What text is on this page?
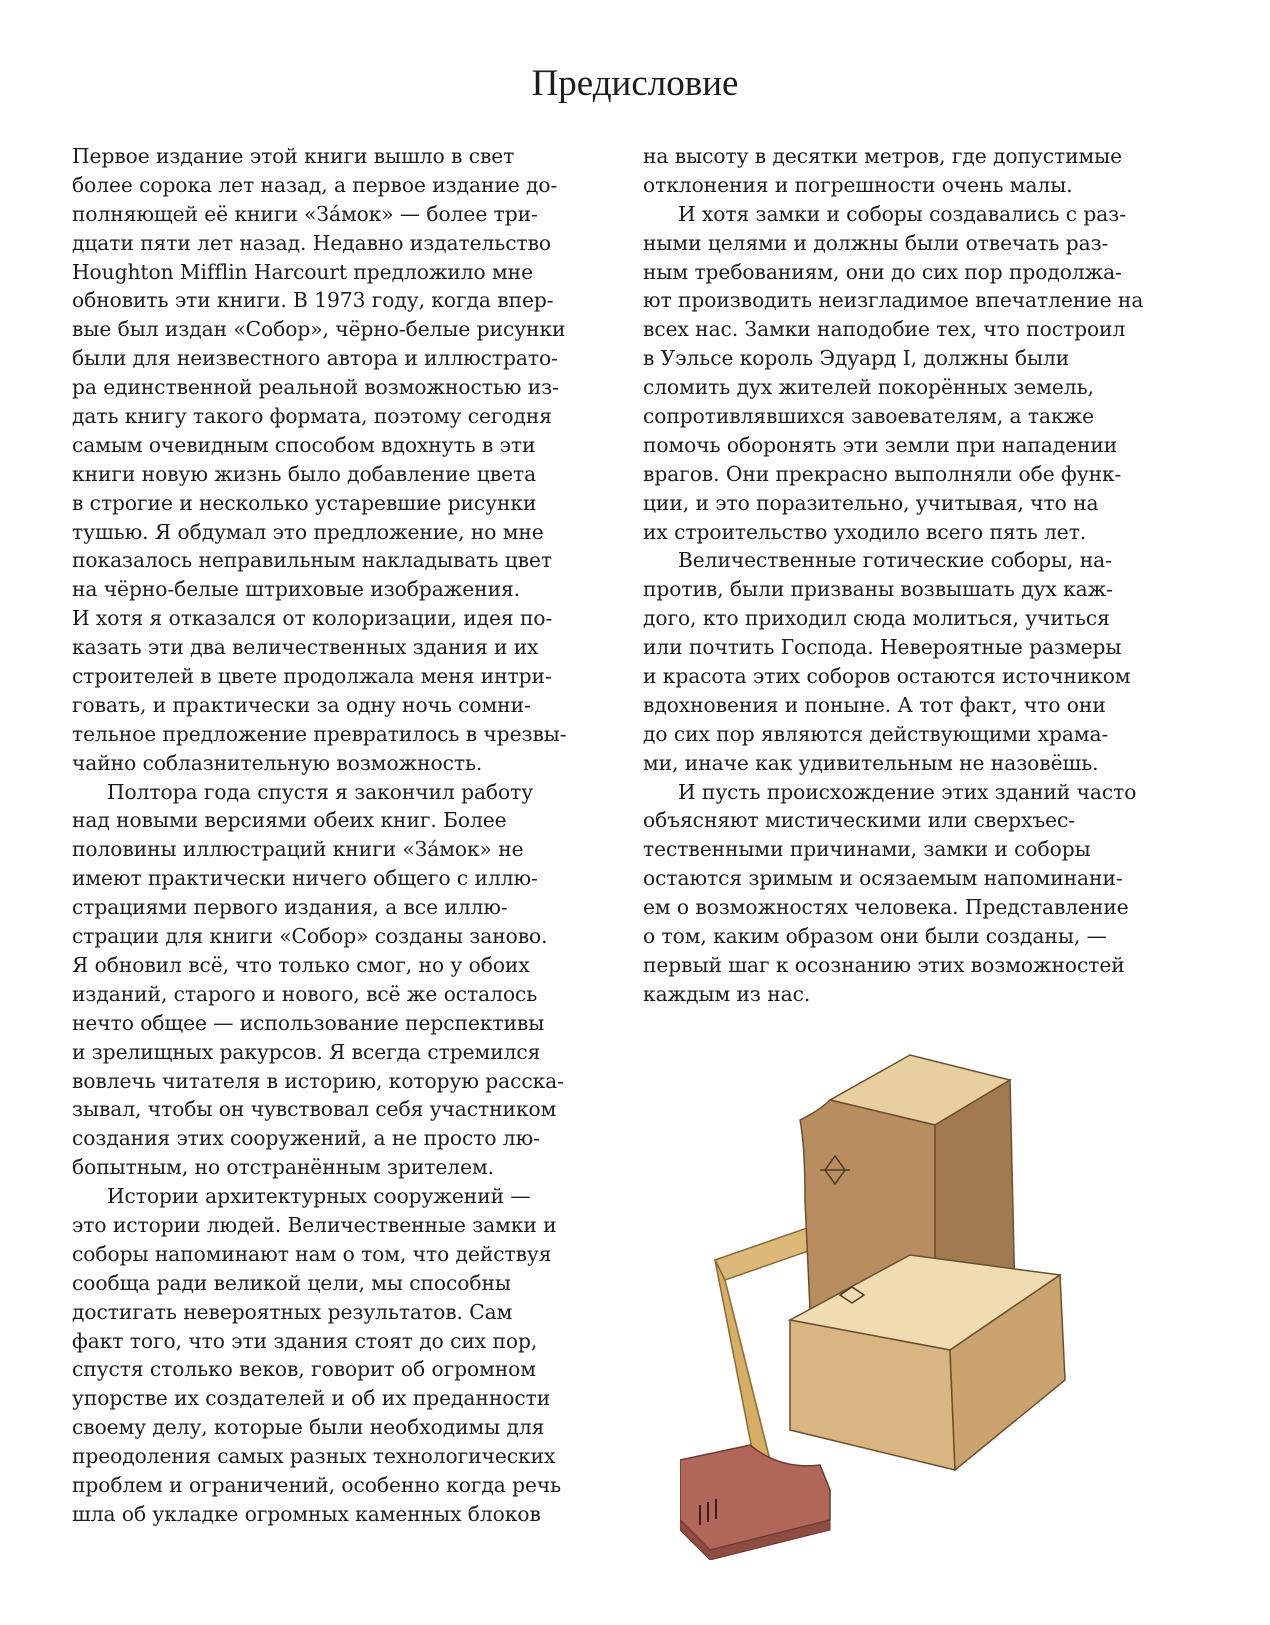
Предисловие
Первое издание этой книги вышло в свет
более сорока лет назад, а первое издание до-
полняющей её книги «За́мок» — более три-
дцати пяти лет назад. Недавно издательство
Houghton Mifflin Harcourt предложило мне
обновить эти книги. В 1973 году, когда впер-
вые был издан «Собор», чёрно-белые рисунки
были для неизвестного автора и иллюстрато-
ра единственной реальной возможностью из-
дать книгу такого формата, поэтому сегодня
самым очевидным способом вдохнуть в эти
книги новую жизнь было добавление цвета
в строгие и несколько устаревшие рисунки
тушью. Я обдумал это предложение, но мне
показалось неправильным накладывать цвет
на чёрно-белые штриховые изображения.
И хотя я отказался от колоризации, идея по-
казать эти два величественных здания и их
строителей в цвете продолжала меня интри-
говать, и практически за одну ночь сомни-
тельное предложение превратилось в чрезвы-
чайно соблазнительную возможность.
Полтора года спустя я закончил работу
над новыми версиями обеих книг. Более
половины иллюстраций книги «За́мок» не
имеют практически ничего общего с иллю-
страциями первого издания, а все иллю-
страции для книги «Собор» созданы заново.
Я обновил всё, что только смог, но у обоих
изданий, старого и нового, всё же осталось
нечто общее — использование перспективы
и зрелищных ракурсов. Я всегда стремился
вовлечь читателя в историю, которую расска-
зывал, чтобы он чувствовал себя участником
создания этих сооружений, а не просто лю-
бопытным, но отстранённым зрителем.
Истории архитектурных сооружений —
это истории людей. Величественные замки и
соборы напоминают нам о том, что действуя
сообща ради великой цели, мы способны
достигать невероятных результатов. Сам
факт того, что эти здания стоят до сих пор,
спустя столько веков, говорит об огромном
упорстве их создателей и об их преданности
своему делу, которые были необходимы для
преодоления самых разных технологических
проблем и ограничений, особенно когда речь
шла об укладке огромных каменных блоков
на высоту в десятки метров, где допустимые
отклонения и погрешности очень малы.
И хотя замки и соборы создавались с раз-
ными целями и должны были отвечать раз-
ным требованиям, они до сих пор продолжа-
ют производить неизгладимое впечатление на
всех нас. Замки наподобие тех, что построил
в Уэльсе король Эдуард I, должны были
сломить дух жителей покорённых земель,
сопротивлявшихся завоевателям, а также
помочь оборонять эти земли при нападении
врагов. Они прекрасно выполняли обе функ-
ции, и это поразительно, учитывая, что на
их строительство уходило всего пять лет.
Величественные готические соборы, на-
против, были призваны возвышать дух каж-
дого, кто приходил сюда молиться, учиться
или почтить Господа. Невероятные размеры
и красота этих соборов остаются источником
вдохновения и поныне. А тот факт, что они
до сих пор являются действующими храма-
ми, иначе как удивительным не назовёшь.
И пусть происхождение этих зданий часто
объясняют мистическими или сверхъес-
тественными причинами, замки и соборы
остаются зримым и осязаемым напоминани-
ем о возможностях человека. Представление
о том, каким образом они были созданы, —
первый шаг к осознанию этих возможностей
каждым из нас.
